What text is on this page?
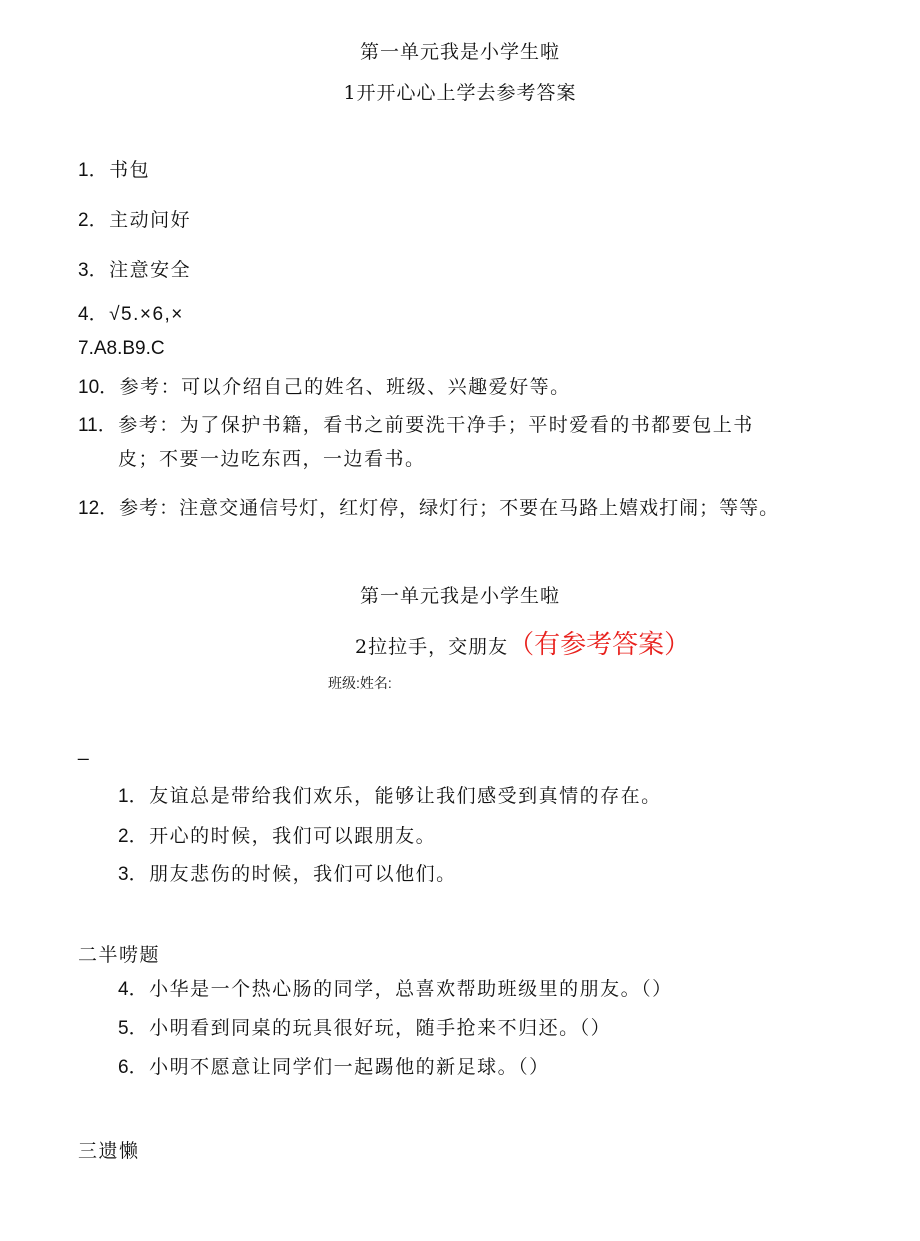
第一单元我是小学生啦
1开开心心上学去参考答案
1．书包
2．主动问好
3．注意安全
4．√5.×6,×
7.A8.B9.C
10．参考：可以介绍自己的姓名、班级、兴趣爱好等。
11．参考：为了保护书籍，看书之前要洗干净手；平时爱看的书都要包上书
皮；不要一边吃东西，一边看书。
12．参考：注意交通信号灯，红灯停，绿灯行；不要在马路上嬉戏打闹；等等。
第一单元我是小学生啦
2拉拉手，交朋友（有参考答案）
班级:姓名:
_
1．友谊总是带给我们欢乐，能够让我们感受到真情的存在。
2．开心的时候，我们可以跟朋友。
3．朋友悲伤的时候，我们可以他们。
二半唠题
4．小华是一个热心肠的同学，总喜欢帮助班级里的朋友。（）
5．小明看到同桌的玩具很好玩，随手抢来不归还。（）
6．小明不愿意让同学们一起踢他的新足球。（）
三遗懒
